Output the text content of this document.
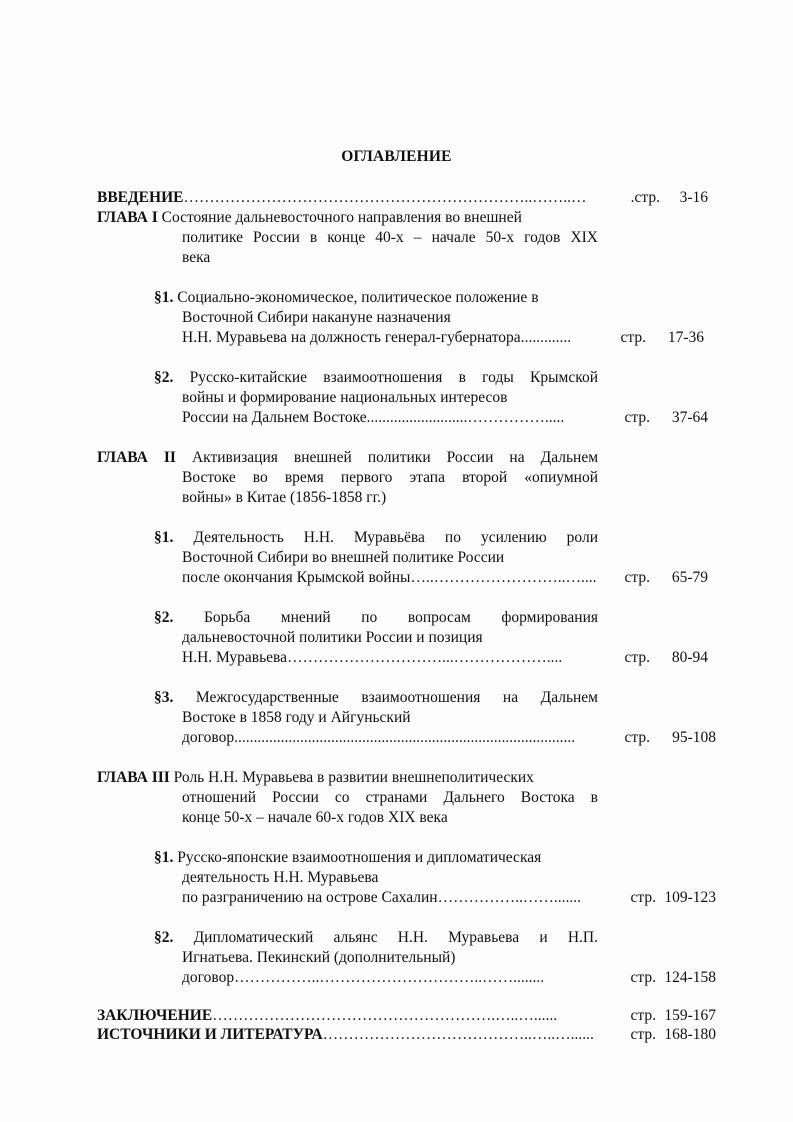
ОГЛАВЛЕНИЕ
ВВЕДЕНИЕ…………………………………………………………..……..…	.стр.	3-16
ГЛАВА I Состояние дальневосточного направления во внешней
политике России в конце 40-х – начале 50-х годов XIX
века
§1. Социально-экономическое, политическое положение в
Восточной Сибири накануне назначения
Н.Н. Муравьева на должность генерал-губернатора.............	стр.	17-36
§2. Русско-китайские взаимоотношения в годы Крымской
войны и формирование национальных интересов
России на Дальнем Востоке..........................…………….....	стр.	37-64
ГЛАВА II Активизация внешней политики России на Дальнем
Востоке во время первого этапа второй «опиумной
войны» в Китае (1856-1858 гг.)
§1. Деятельность Н.Н. Муравьёва по усилению роли
Восточной Сибири во внешней политике России
после окончания Крымской войны…..……………………..…....	стр.	65-79
§2. Борьба мнений по вопросам формирования
дальневосточной политики России и позиция
Н.Н. Муравьева…………………………...………………....	стр.	80-94
§3. Межгосударственные взаимоотношения на Дальнем
Востоке в 1858 году и Айгуньский
договор........................................................................................	стр.	95-108
ГЛАВА III Роль Н.Н. Муравьева в развитии внешнеполитических
отношений России со странами Дальнего Востока в
конце 50-х – начале 60-х годов XIX века
§1. Русско-японские взаимоотношения и дипломатическая
деятельность Н.Н. Муравьева
по разграничению на острове Сахалин……………..…….......	стр. 109-123
§2. Дипломатический альянс Н.Н. Муравьева и Н.П.
Игнатьева. Пекинский (дополнительный)
договор……………..…………………………..……........	стр. 124-158
ЗАКЛЮЧЕНИЕ……………………………………………….…..…......	стр. 159-167
ИСТОЧНИКИ И ЛИТЕРАТУРА…………………………………..…..…......	стр. 168-180
